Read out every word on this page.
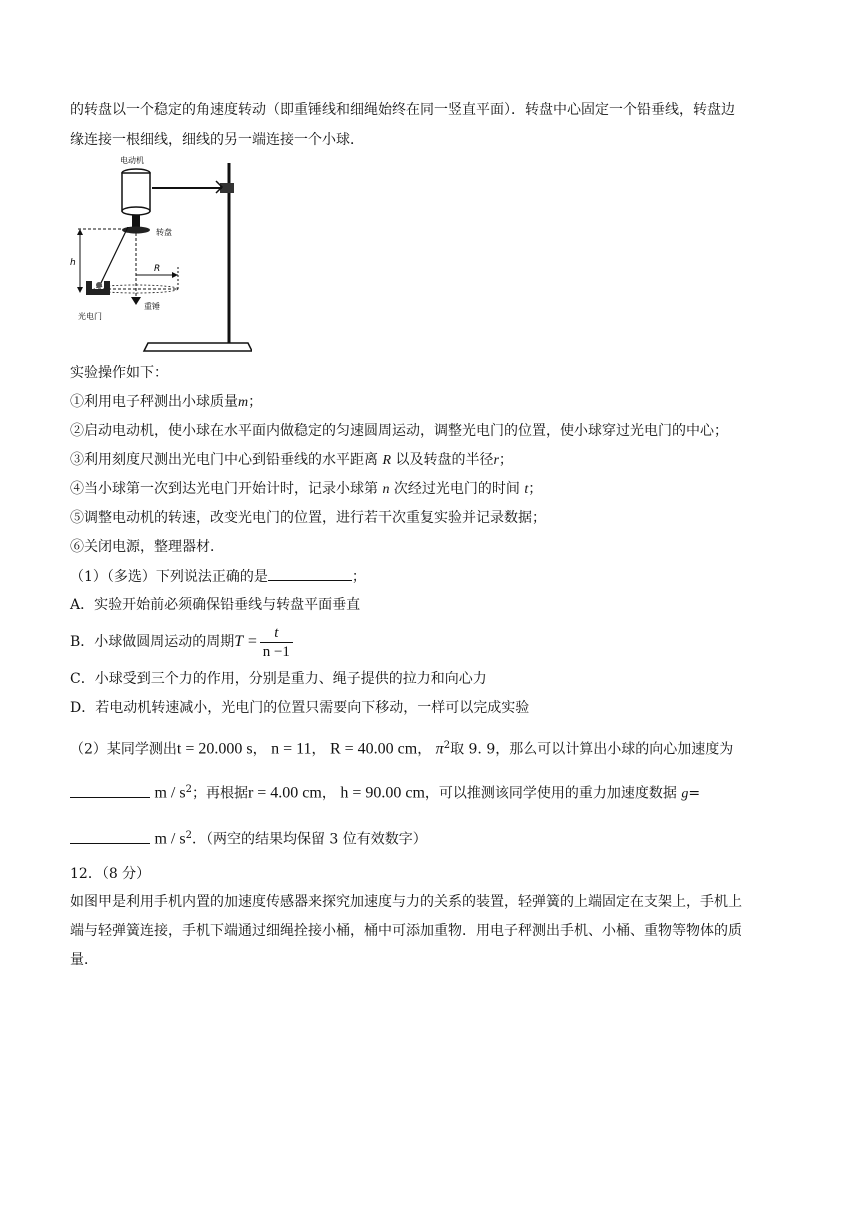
的转盘以一个稳定的角速度转动（即重锤线和细绳始终在同一竖直平面）．转盘中心固定一个铅垂线，转盘边
缘连接一根细线，细线的另一端连接一个小球．
h
R
电动机
转盘
r
重锤
光电门
实验操作如下：
①利用电子秤测出小球质量m；
②启动电动机，使小球在水平面内做稳定的匀速圆周运动，调整光电门的位置，使小球穿过光电门的中心；
③利用刻度尺测出光电门中心到铅垂线的水平距离 R 以及转盘的半径r；
④当小球第一次到达光电门开始计时，记录小球第 n 次经过光电门的时间 t；
⑤调整电动机的转速，改变光电门的位置，进行若干次重复实验并记录数据；
⑥关闭电源，整理器材．
（1）（多选）下列说法正确的是	；
A．实验开始前必须确保铅垂线与转盘平面垂直
B．小球做圆周运动的周期$T = \frac{t}{n -1}$
C．小球受到三个力的作用，分别是重力、绳子提供的拉力和向心力
D．若电动机转速减小，光电门的位置只需要向下移动，一样可以完成实验
（2）某同学测出t = 20.000 s， n = 11， R = 40.00 cm， $\pi^2$取 9. 9，那么可以计算出小球的向心加速度为
m / $s^2$；再根据r = 4.00 cm， h = 90.00 cm，可以推测该同学使用的重力加速度数据 g=
m / $s^2$．（两空的结果均保留 3 位有效数字）
12．（8 分）
如图甲是利用手机内置的加速度传感器来探究加速度与力的关系的装置，轻弹簧的上端固定在支架上，手机上
端与轻弹簧连接，手机下端通过细绳拴接小桶，桶中可添加重物．用电子秤测出手机、小桶、重物等物体的质
量．
